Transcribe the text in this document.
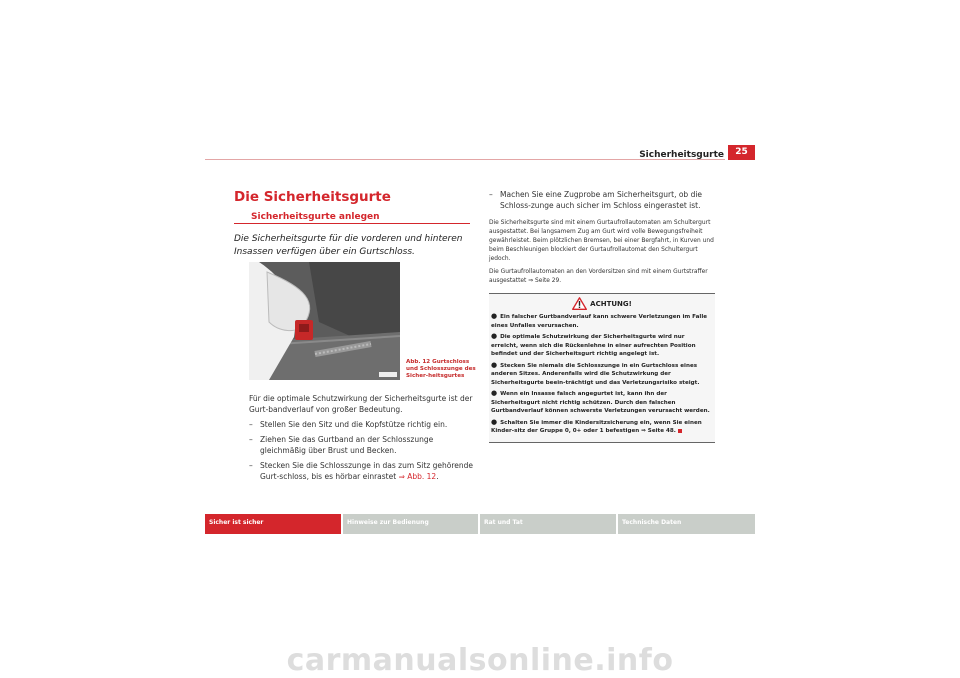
Sicherheitsgurte	25
Die Sicherheitsgurte
Sicherheitsgurte anlegen
Die Sicherheitsgurte für die vorderen und hinteren Insassen verfügen über ein Gurtschloss.
Abb. 12 Gurtschloss und Schlosszunge des Sicher-heitsgurtes

Für die optimale Schutzwirkung der Sicherheitsgurte ist der Gurt-bandverlauf von großer Bedeutung.

– Stellen Sie den Sitz und die Kopfstütze richtig ein.
– Ziehen Sie das Gurtband an der Schlosszunge gleichmäßig über Brust und Becken.
– Stecken Sie die Schlosszunge in das zum Sitz gehörende Gurt-schloss, bis es hörbar einrastet ⇒ Abb. 12.
– Machen Sie eine Zugprobe am Sicherheitsgurt, ob die Schloss-zunge auch sicher im Schloss eingerastet ist.

Die Sicherheitsgurte sind mit einem Gurtaufrollautomaten am Schultergurt ausgestattet. Bei langsamem Zug am Gurt wird volle Bewegungsfreiheit gewährleistet. Beim plötzlichen Bremsen, bei einer Bergfahrt, in Kurven und beim Beschleunigen blockiert der Gurtaufrollautomat den Schultergurt jedoch.

Die Gurtaufrollautomaten an den Vordersitzen sind mit einem Gurtstraffer ausgestattet ⇒ Seite 29.

ACHTUNG!
● Ein falscher Gurtbandverlauf kann schwere Verletzungen im Falle eines Unfalles verursachen.
● Die optimale Schutzwirkung der Sicherheitsgurte wird nur erreicht, wenn sich die Rückenlehne in einer aufrechten Position befindet und der Sicherheitsgurt richtig angelegt ist.
● Stecken Sie niemals die Schlosszunge in ein Gurtschloss eines anderen Sitzes. Anderenfalls wird die Schutzwirkung der Sicherheitsgurte beein-trächtigt und das Verletzungsrisiko steigt.
● Wenn ein Insasse falsch angegurtet ist, kann ihn der Sicherheitsgurt nicht richtig schützen. Durch den falschen Gurtbandverlauf können schwerste Verletzungen verursacht werden.
● Schalten Sie immer die Kindersitzsicherung ein, wenn Sie einen Kinder-sitz der Gruppe 0, 0+ oder 1 befestigen ⇒ Seite 48.
Sicher ist sicher	Hinweise zur Bedienung	Rat und Tat	Technische Daten
carmanualsonline.info
